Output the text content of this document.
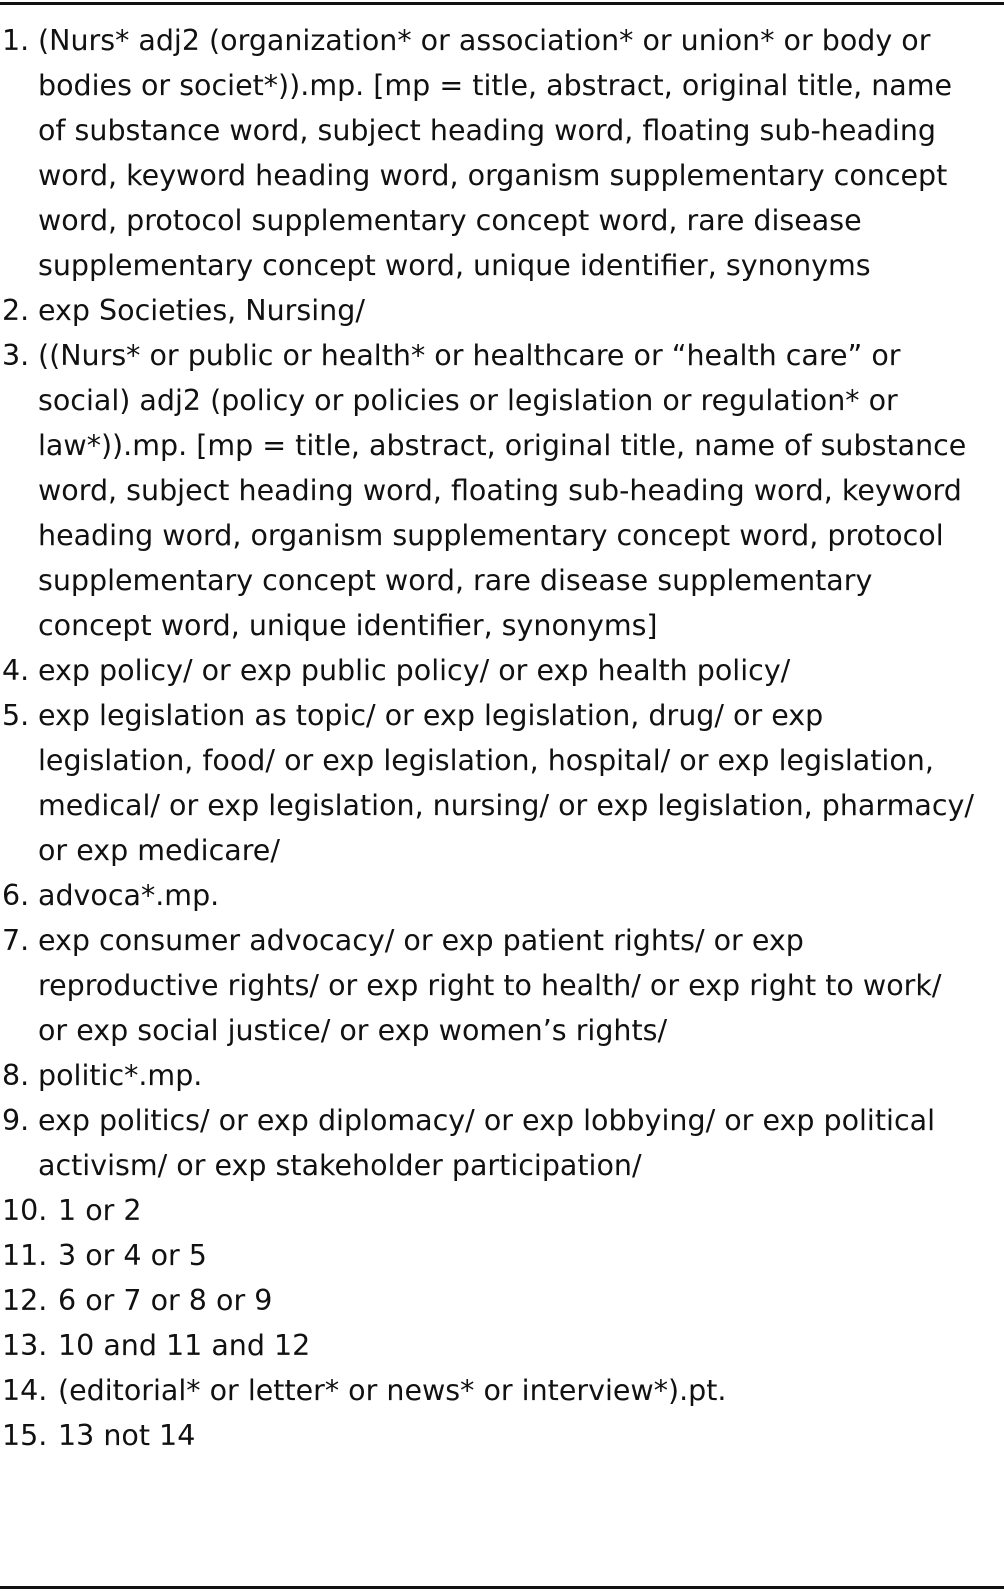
1. (Nurs* adj2 (organization* or association* or union* or body or bodies or societ*)).mp. [mp = title, abstract, original title, name of substance word, subject heading word, floating sub-heading word, keyword heading word, organism supplementary concept word, protocol supplementary concept word, rare disease supplementary concept word, unique identifier, synonyms
2. exp Societies, Nursing/
3. ((Nurs* or public or health* or healthcare or “health care” or social) adj2 (policy or policies or legislation or regulation* or law*)).mp. [mp = title, abstract, original title, name of substance word, subject heading word, floating sub-heading word, keyword heading word, organism supplementary concept word, protocol supplementary concept word, rare disease supplementary concept word, unique identifier, synonyms]
4. exp policy/ or exp public policy/ or exp health policy/
5. exp legislation as topic/ or exp legislation, drug/ or exp legislation, food/ or exp legislation, hospital/ or exp legislation, medical/ or exp legislation, nursing/ or exp legislation, pharmacy/ or exp medicare/
6. advoca*.mp.
7. exp consumer advocacy/ or exp patient rights/ or exp reproductive rights/ or exp right to health/ or exp right to work/ or exp social justice/ or exp women’s rights/
8. politic*.mp.
9. exp politics/ or exp diplomacy/ or exp lobbying/ or exp political activism/ or exp stakeholder participation/
10. 1 or 2
11. 3 or 4 or 5
12. 6 or 7 or 8 or 9
13. 10 and 11 and 12
14. (editorial* or letter* or news* or interview*).pt.
15. 13 not 14
